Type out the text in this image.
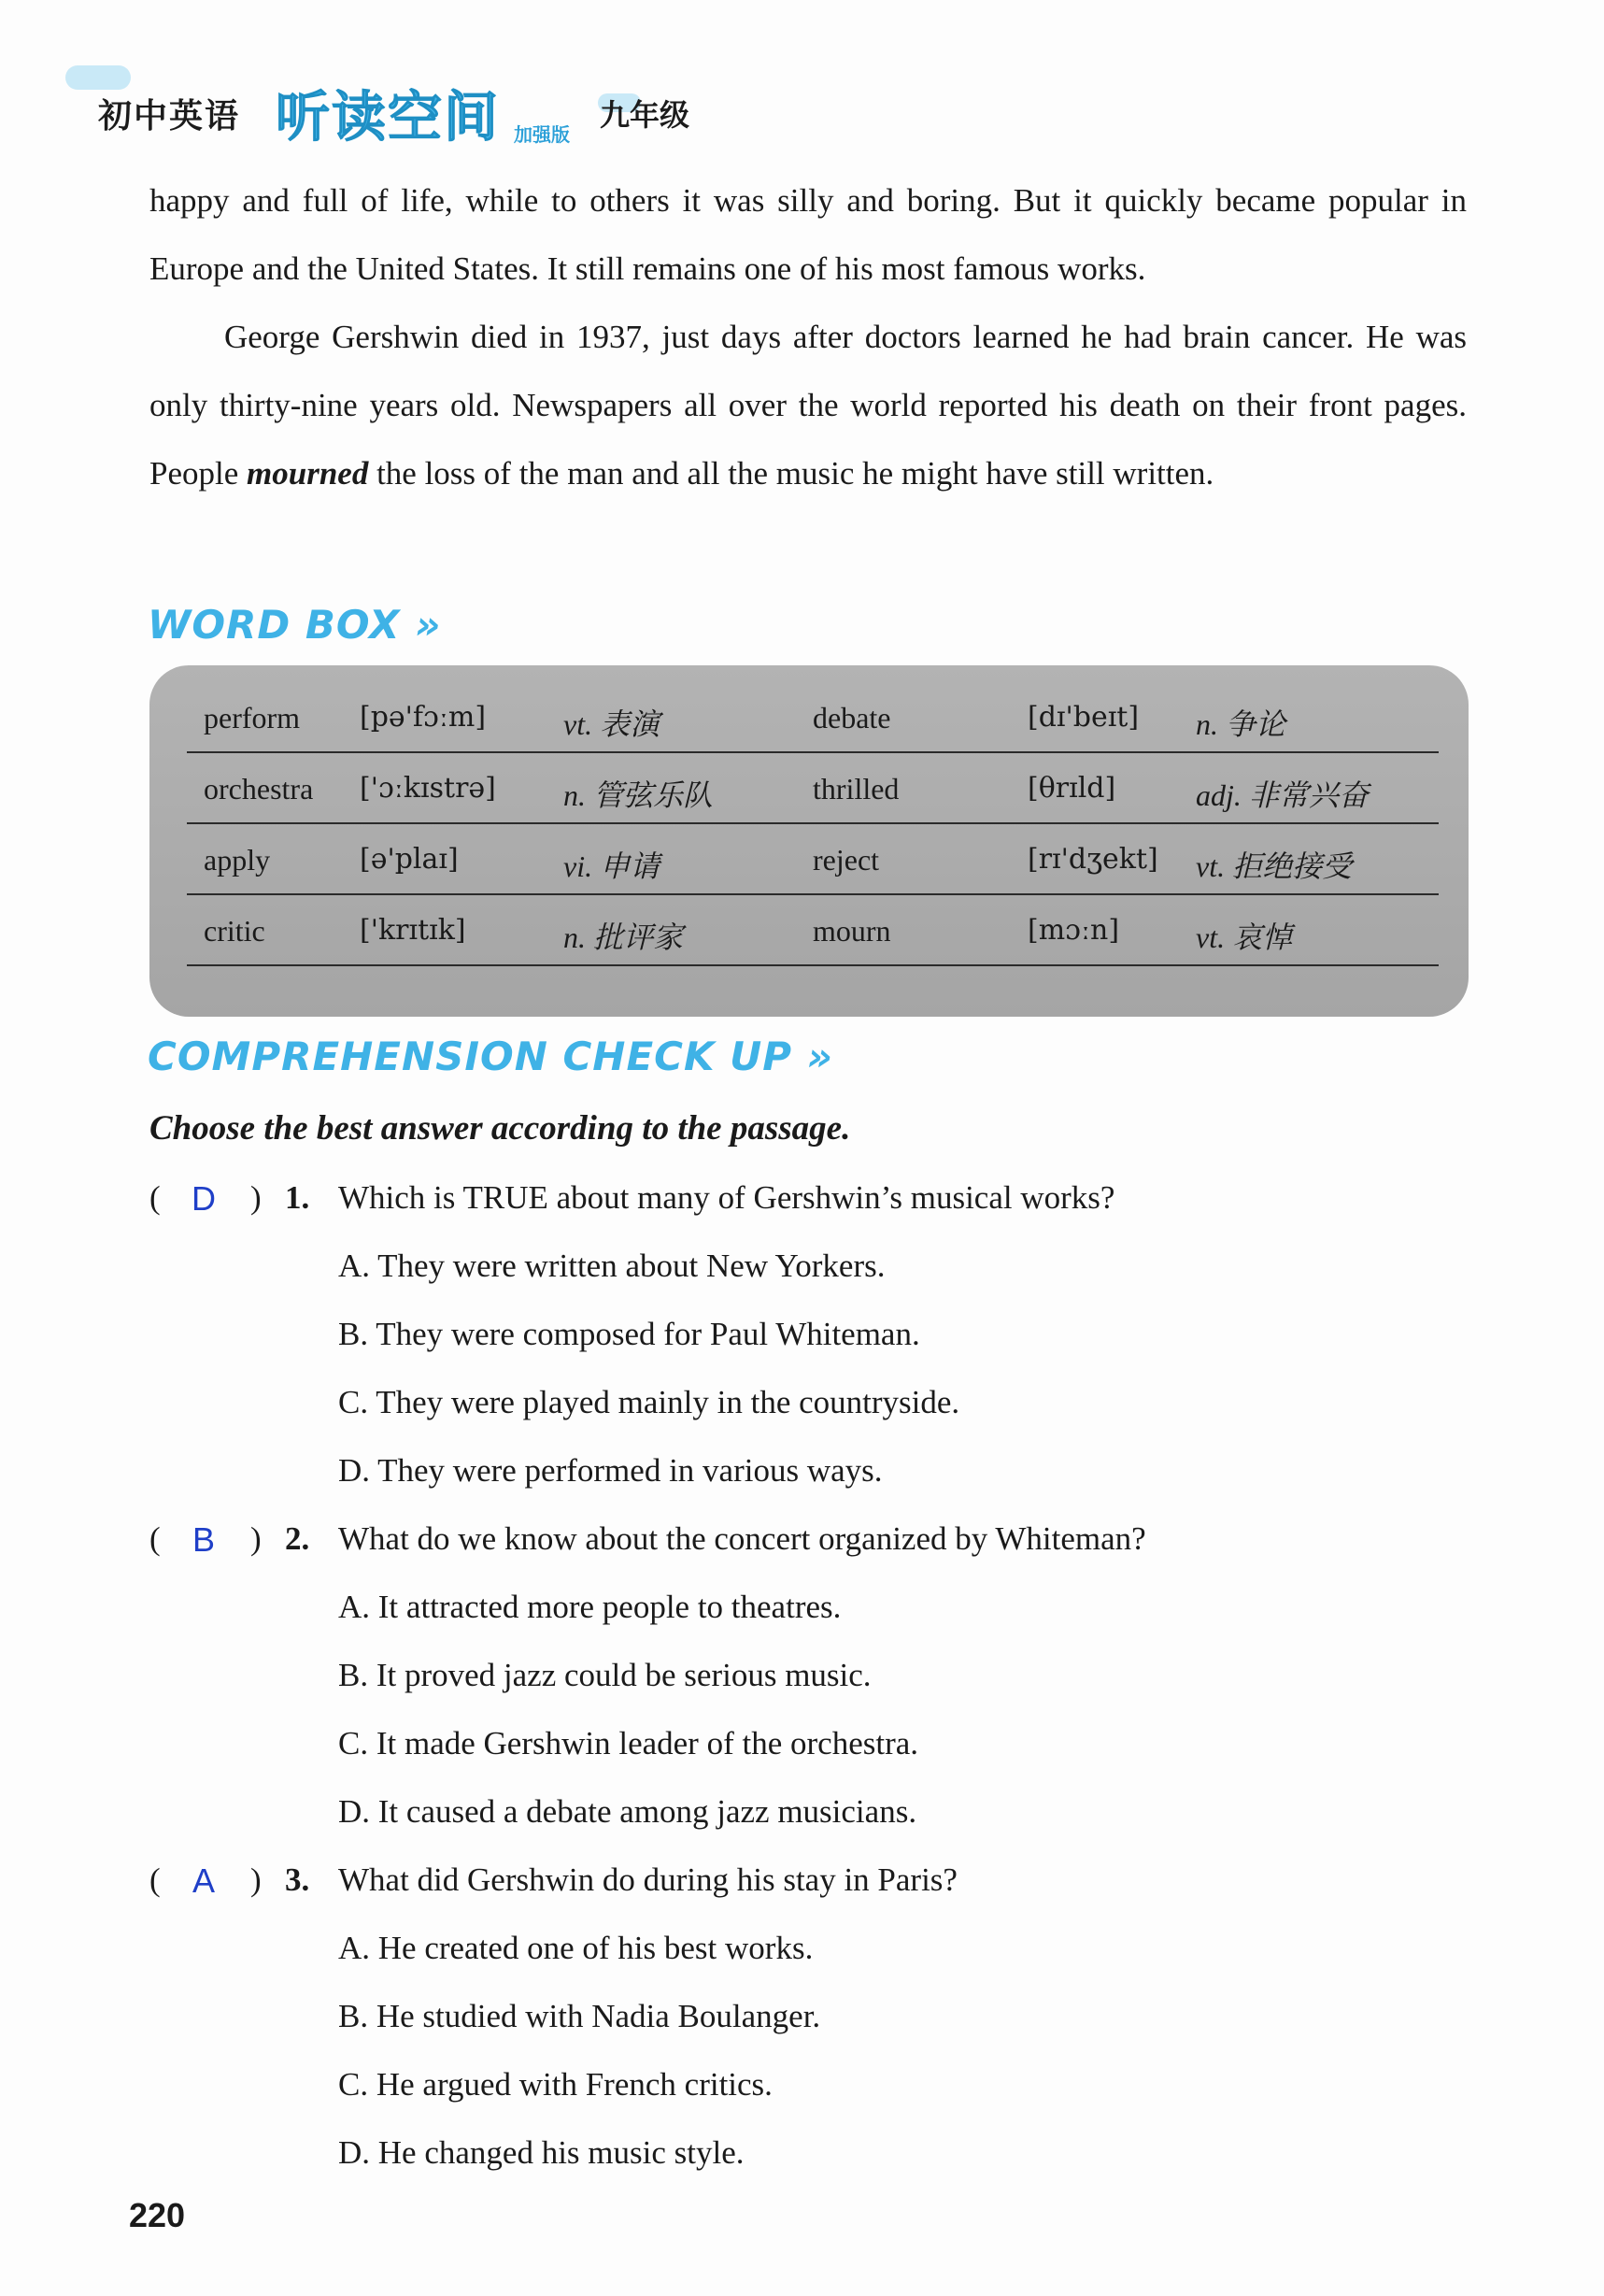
初中英语 听读空间 加强版
九年级
happy and full of life, while to others it was silly and boring. But it quickly became popular in Europe and the United States. It still remains one of his most famous works.
George Gershwin died in 1937, just days after doctors learned he had brain cancer. He was only thirty-nine years old. Newspapers all over the world reported his death on their front pages. People mourned the loss of the man and all the music he might have still written.
WORD BOX »
perform [pə'fɔːm]	vt. 表演	debate	[dɪ'beɪt] n. 争论
orchestra ['ɔːkɪstrə] n. 管弦乐队	thrilled	[θrɪld]	adj. 非常兴奋
apply	[ə'plaɪ]	vi. 申请	reject	[rɪ'dʒekt] vt. 拒绝接受
critic	['krɪtɪk]	n. 批评家	mourn	[mɔːn]	vt. 哀悼
COMPREHENSION CHECK UP »
Choose the best answer according to the passage.
( D ) 1. Which is TRUE about many of Gershwin’s musical works?
A. They were written about New Yorkers.
B. They were composed for Paul Whiteman.
C. They were played mainly in the countryside.
D. They were performed in various ways.
( B ) 2. What do we know about the concert organized by Whiteman?
A. It attracted more people to theatres.
B. It proved jazz could be serious music.
C. It made Gershwin leader of the orchestra.
D. It caused a debate among jazz musicians.
( A ) 3. What did Gershwin do during his stay in Paris?
A. He created one of his best works.
B. He studied with Nadia Boulanger.
C. He argued with French critics.
D. He changed his music style.
220
